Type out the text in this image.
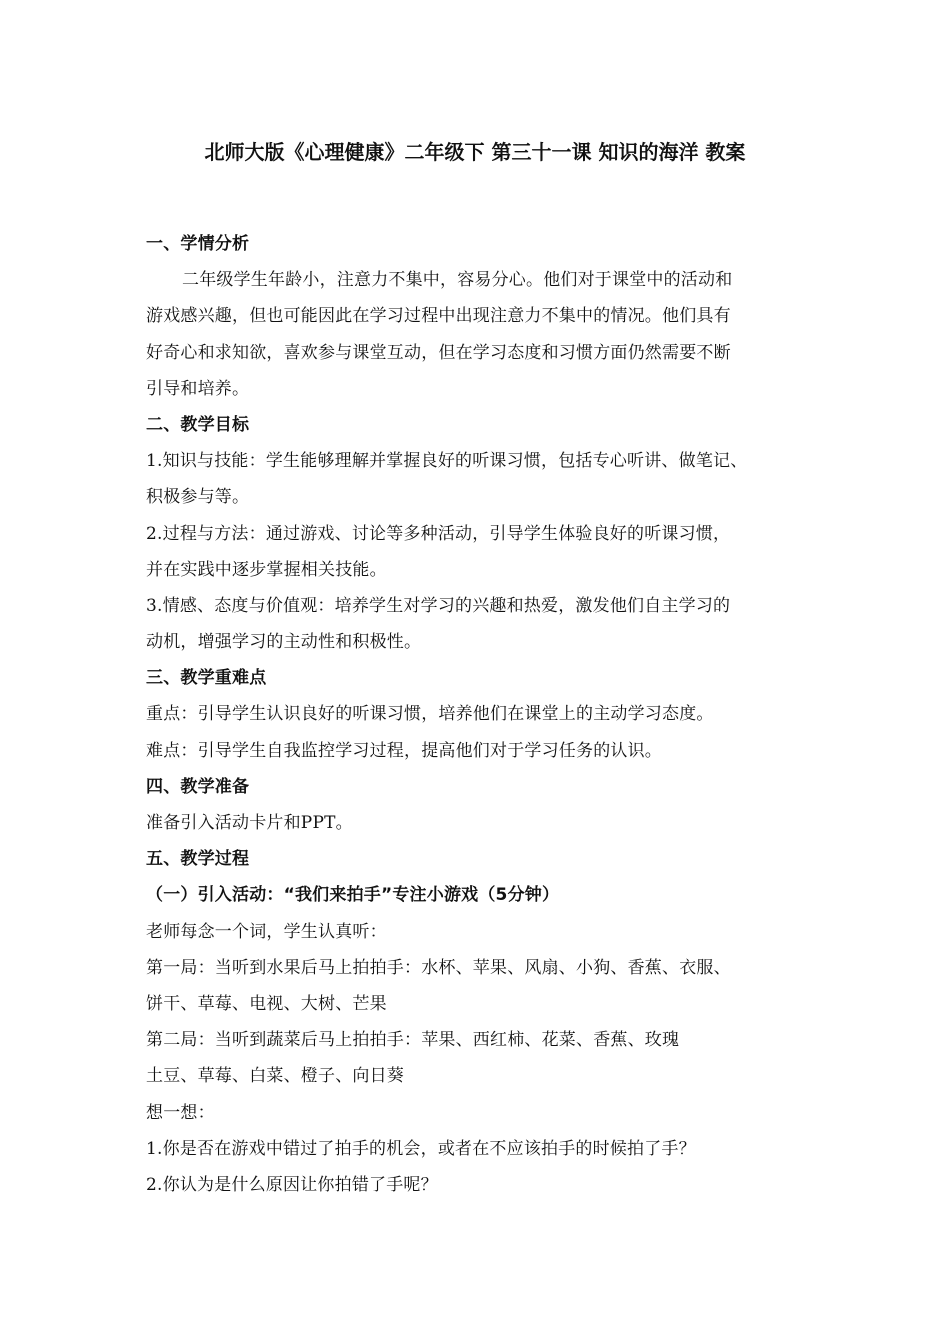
北师大版《心理健康》二年级下 第三十一课 知识的海洋 教案
一、学情分析
二年级学生年龄小，注意力不集中，容易分心。他们对于课堂中的活动和
游戏感兴趣，但也可能因此在学习过程中出现注意力不集中的情况。他们具有
好奇心和求知欲，喜欢参与课堂互动，但在学习态度和习惯方面仍然需要不断
引导和培养。
二、教学目标
1.知识与技能：学生能够理解并掌握良好的听课习惯，包括专心听讲、做笔记、
积极参与等。
2.过程与方法：通过游戏、讨论等多种活动，引导学生体验良好的听课习惯，
并在实践中逐步掌握相关技能。
3.情感、态度与价值观：培养学生对学习的兴趣和热爱，激发他们自主学习的
动机，增强学习的主动性和积极性。
三、教学重难点
重点：引导学生认识良好的听课习惯，培养他们在课堂上的主动学习态度。
难点：引导学生自我监控学习过程，提高他们对于学习任务的认识。
四、教学准备
准备引入活动卡片和PPT。
五、教学过程
（一）引入活动：“我们来拍手”专注小游戏（5分钟）
老师每念一个词，学生认真听：
第一局：当听到水果后马上拍拍手：水杯、苹果、风扇、小狗、香蕉、衣服、
饼干、草莓、电视、大树、芒果
第二局：当听到蔬菜后马上拍拍手：苹果、西红柿、花菜、香蕉、玫瑰
土豆、草莓、白菜、橙子、向日葵
想一想：
1.你是否在游戏中错过了拍手的机会，或者在不应该拍手的时候拍了手？
2.你认为是什么原因让你拍错了手呢？
